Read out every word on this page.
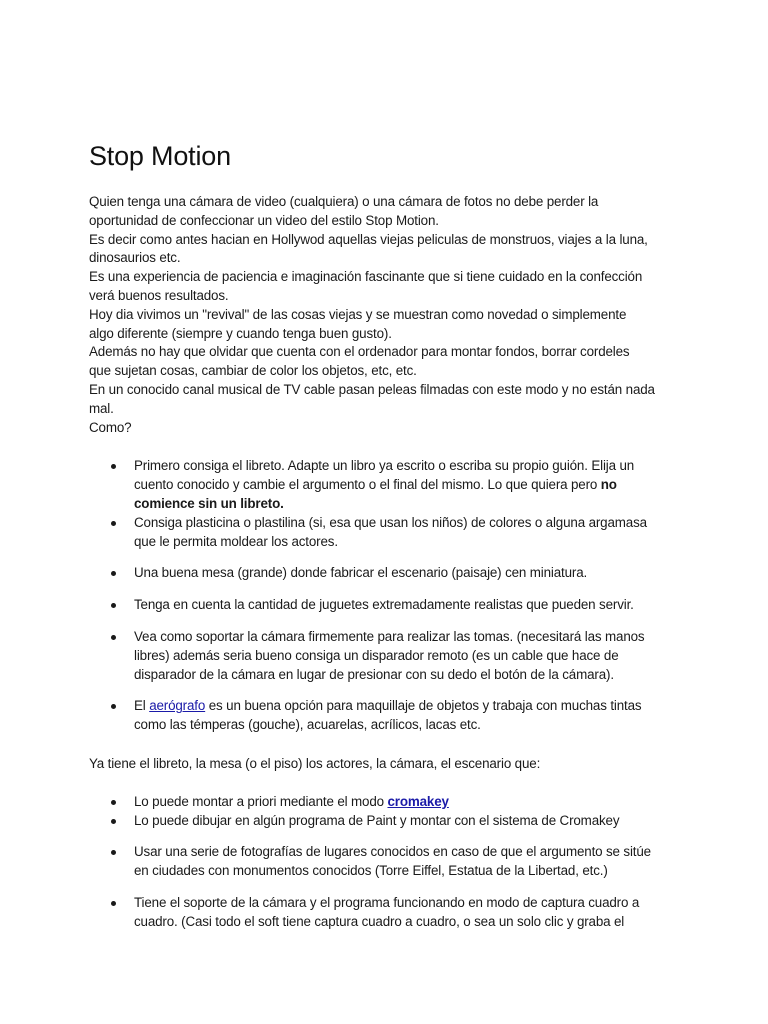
Stop Motion

Quien tenga una cámara de video (cualquiera) o una cámara de fotos no debe perder la

oportunidad de confeccionar un video del estilo Stop Motion.

Es decir como antes hacian en Hollywod aquellas viejas peliculas de monstruos, viajes a la luna,

dinosaurios etc.

Es una experiencia de paciencia e imaginación fascinante que si tiene cuidado en la confección

verá buenos resultados.

Hoy dia vivimos un "revival" de las cosas viejas y se muestran como novedad o simplemente

algo diferente (siempre y cuando tenga buen gusto).

Además no hay que olvidar que cuenta con el ordenador para montar fondos, borrar cordeles

que sujetan cosas, cambiar de color los objetos, etc, etc.

En un conocido canal musical de TV cable pasan peleas filmadas con este modo y no están nada

mal.

Como?

Primero consiga el libreto. Adapte un libro ya escrito o escriba su propio guión. Elija un
cuento conocido y cambie el argumento o el final del mismo. Lo que quiera pero no
comience sin un libreto.
Consiga plasticina o plastilina (si, esa que usan los niños) de colores o alguna argamasa
que le permita moldear los actores.
Una buena mesa (grande) donde fabricar el escenario (paisaje) cen miniatura.
Tenga en cuenta la cantidad de juguetes extremadamente realistas que pueden servir.
Vea como soportar la cámara firmemente para realizar las tomas. (necesitará las manos
libres) además seria bueno consiga un disparador remoto (es un cable que hace de
disparador de la cámara en lugar de presionar con su dedo el botón de la cámara).
El aerógrafo es un buena opción para maquillaje de objetos y trabaja con muchas tintas
como las témperas (gouche), acuarelas, acrílicos, lacas etc.

Ya tiene el libreto, la mesa (o el piso) los actores, la cámara, el escenario que:

Lo puede montar a priori mediante el modo cromakey
Lo puede dibujar en algún programa de Paint y montar con el sistema de Cromakey
Usar una serie de fotografías de lugares conocidos en caso de que el argumento se sitúe
en ciudades con monumentos conocidos (Torre Eiffel, Estatua de la Libertad, etc.)
Tiene el soporte de la cámara y el programa funcionando en modo de captura cuadro a
cuadro. (Casi todo el soft tiene captura cuadro a cuadro, o sea un solo clic y graba el
